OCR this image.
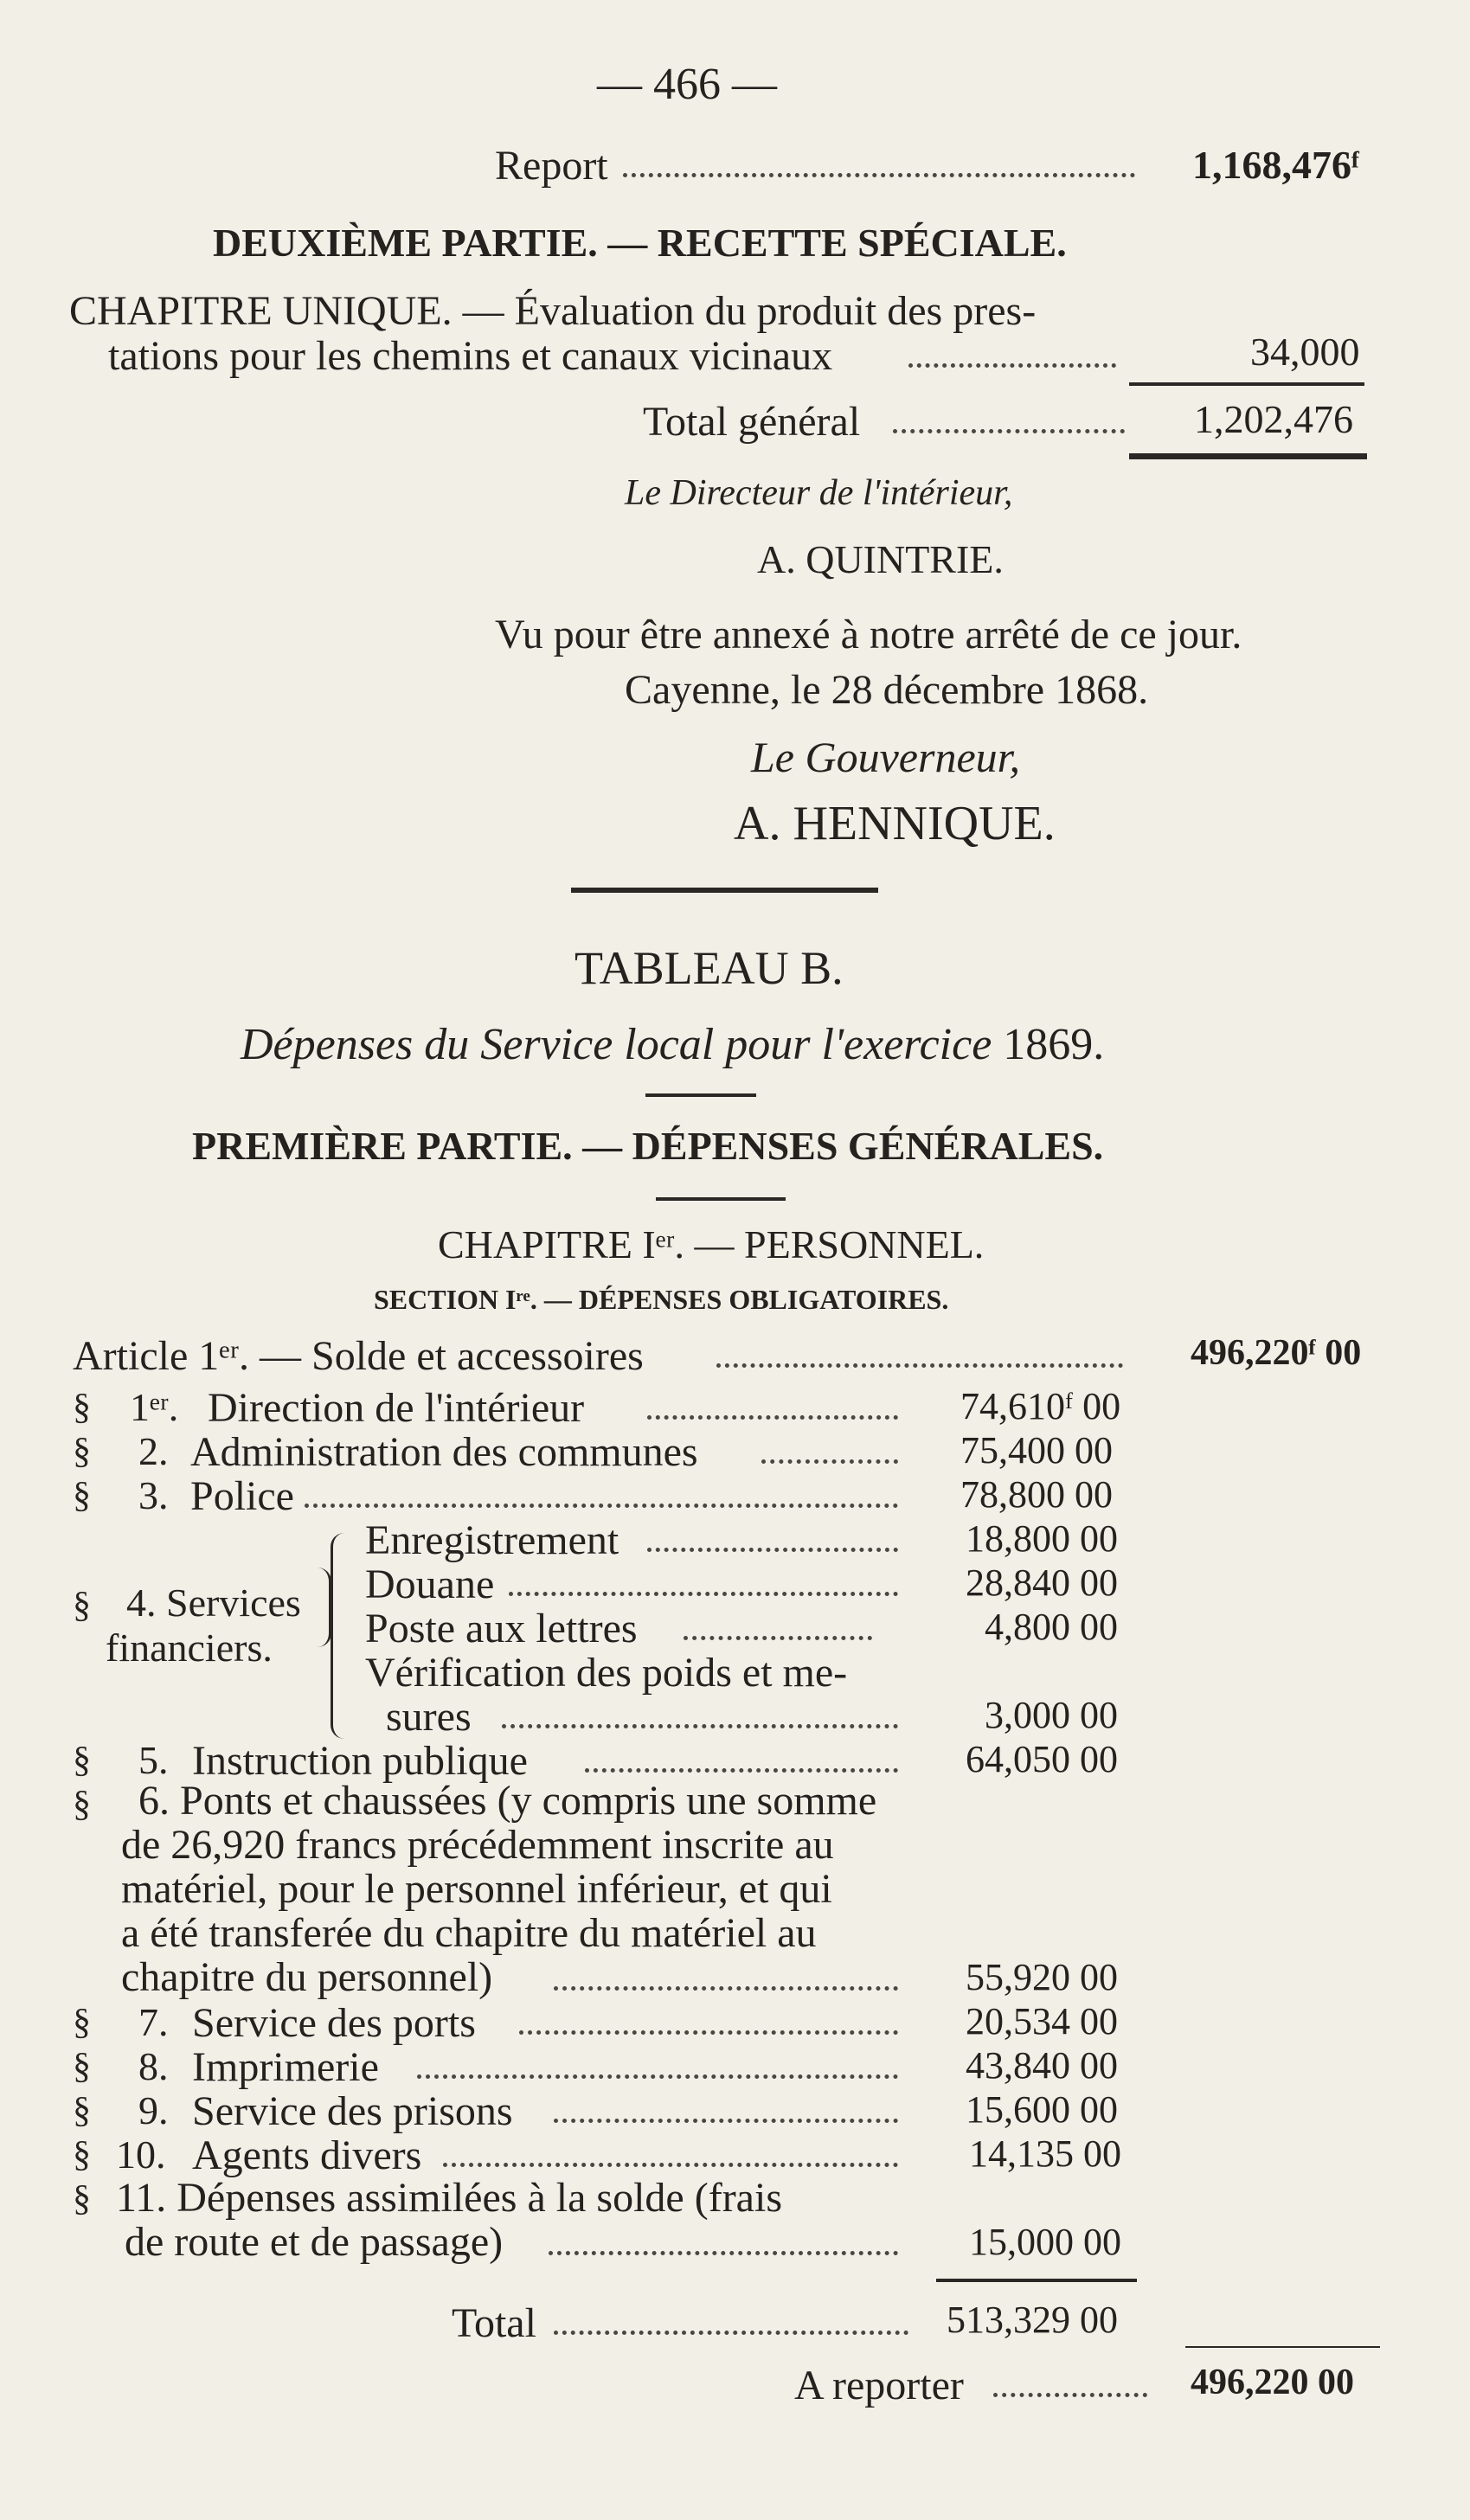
— 466 —
Report	1,168,476ᶠ
DEUXIÈME PARTIE. — RECETTE SPÉCIALE.
CHAPITRE UNIQUE. — Évaluation du produit des pres-
tations pour les chemins et canaux vicinaux	34,000
Total général	1,202,476
Le Directeur de l'intérieur,
A. QUINTRIE.
Vu pour être annexé à notre arrêté de ce jour.
Cayenne, le 28 décembre 1868.
Le Gouverneur,
A. HENNIQUE.
TABLEAU B.
Dépenses du Service local pour l'exercice 1869.
PREMIÈRE PARTIE. — DÉPENSES GÉNÉRALES.
CHAPITRE Iᵉʳ. — PERSONNEL.
SECTION Iʳᵉ. — DÉPENSES OBLIGATOIRES.
Article 1ᵉʳ. — Solde et accessoires	496,220ᶠ 00
§ 1ᵉʳ. Direction de l'intérieur	74,610ᶠ 00
§ 2. Administration des communes	75,400 00
§ 3. Police	78,800 00
§ 4. Services
financiers.
Enregistrement	18,800 00
Douane	28,840 00
Poste aux lettres	4,800 00
Vérification des poids et me-
sures	3,000 00
§ 5. Instruction publique	64,050 00
§	6. Ponts et chaussées (y compris une somme
de 26,920 francs précédemment inscrite au
matériel, pour le personnel inférieur, et qui
a été transferée du chapitre du matériel au
chapitre du personnel)	55,920 00
§ 7. Service des ports	20,534 00
§ 8. Imprimerie	43,840 00
§ 9. Service des prisons	15,600 00
§ 10. Agents divers	14,135 00
§ 11. Dépenses assimilées à la solde (frais
de route et de passage)	15,000 00
Total	513,329 00
A reporter	496,220 00
